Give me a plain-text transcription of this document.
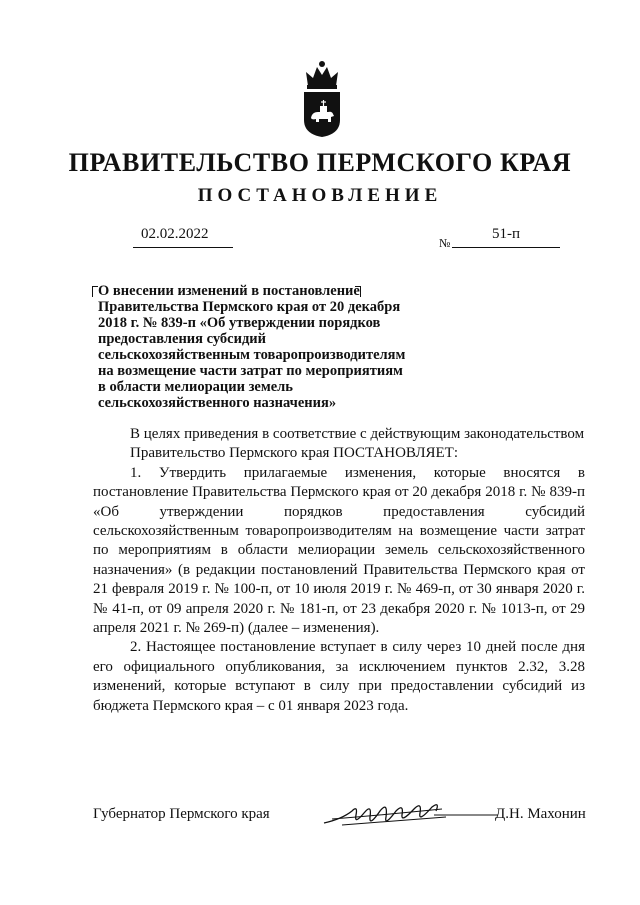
ПРАВИТЕЛЬСТВО ПЕРМСКОГО КРАЯ
ПОСТАНОВЛЕНИЕ
02.02.2022
№
51-п
О внесении изменений в постановление
Правительства Пермского края от 20 декабря
2018 г. № 839-п «Об утверждении порядков
предоставления субсидий
сельскохозяйственным товаропроизводителям
на возмещение части затрат по мероприятиям
в области мелиорации земель
сельскохозяйственного назначения»

В целях приведения в соответствие с действующим законодательством

Правительство Пермского края ПОСТАНОВЛЯЕТ:

1. Утвердить прилагаемые изменения, которые вносятся в постановление Правительства Пермского края от 20 декабря 2018 г. № 839-п «Об утверждении порядков предоставления субсидий сельскохозяйственным товаропроизводителям на возмещение части затрат по мероприятиям в области мелиорации земель сельскохозяйственного назначения» (в редакции постановлений Правительства Пермского края от 21 февраля 2019 г. № 100-п, от 10 июля 2019 г. № 469-п, от 30 января 2020 г. № 41-п, от 09 апреля 2020 г. № 181-п, от 23 декабря 2020 г. № 1013-п, от 29 апреля 2021 г. № 269-п) (далее – изменения).

2. Настоящее постановление вступает в силу через 10 дней после дня его официального опубликования, за исключением пунктов 2.32, 3.28 изменений, которые вступают в силу при предоставлении субсидий из бюджета Пермского края – с 01 января 2023 года.

Губернатор Пермского края	Д.Н. Махонин
